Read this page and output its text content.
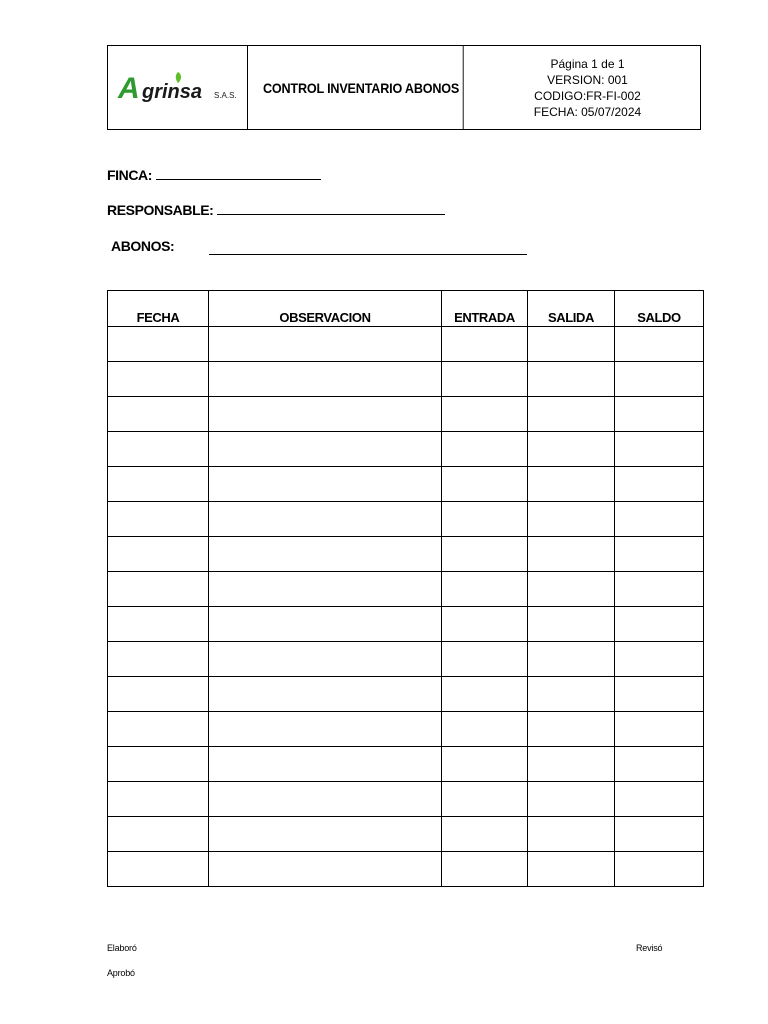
A grinsa S.A.S. CONTROL INVENTARIO ABONOS
Página 1 de 1
VERSION: 001
CODIGO:FR-FI-002
FECHA: 05/07/2024
FINCA:
RESPONSABLE:
ABONOS:
FECHA	OBSERVACION	ENTRADA	SALIDA	SALDO

Elaboró	Revisó
Aprobó
